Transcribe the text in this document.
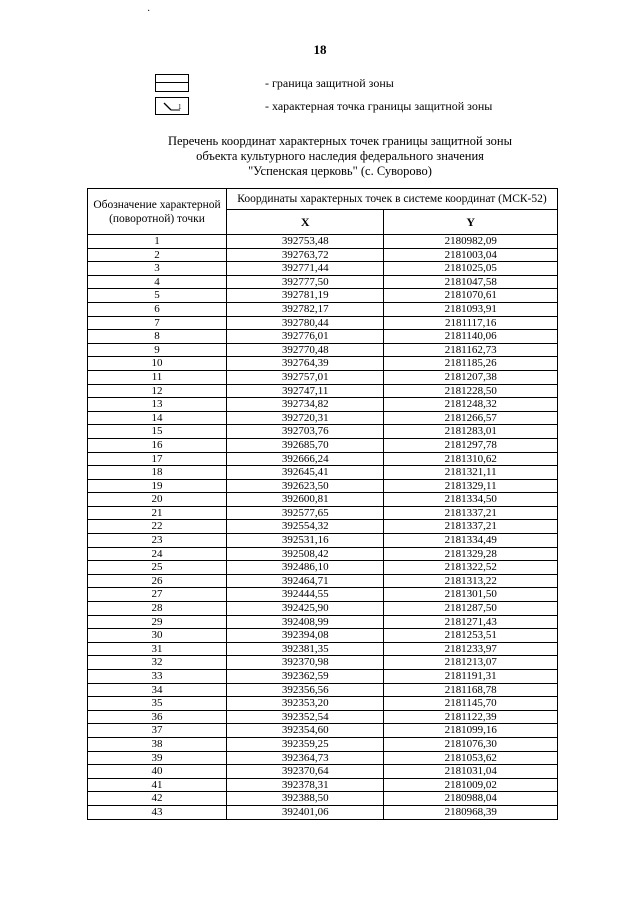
·
18
- граница защитной зоны
1	- характерная точка границы защитной зоны
Перечень координат характерных точек границы защитной зоны
объекта культурного наследия федерального значения
"Успенская церковь" (с. Суворово)
Обозначение характерной (поворотной) точки	Координаты характерных точек в системе координат (МСК-52)	
	X	Y
1	392753,48	2180982,09
2	392763,72	2181003,04
3	392771,44	2181025,05
4	392777,50	2181047,58
5	392781,19	2181070,61
6	392782,17	2181093,91
7	392780,44	2181117,16
8	392776,01	2181140,06
9	392770,48	2181162,73
10	392764,39	2181185,26
11	392757,01	2181207,38
12	392747,11	2181228,50
13	392734,82	2181248,32
14	392720,31	2181266,57
15	392703,76	2181283,01
16	392685,70	2181297,78
17	392666,24	2181310,62
18	392645,41	2181321,11
19	392623,50	2181329,11
20	392600,81	2181334,50
21	392577,65	2181337,21
22	392554,32	2181337,21
23	392531,16	2181334,49
24	392508,42	2181329,28
25	392486,10	2181322,52
26	392464,71	2181313,22
27	392444,55	2181301,50
28	392425,90	2181287,50
29	392408,99	2181271,43
30	392394,08	2181253,51
31	392381,35	2181233,97
32	392370,98	2181213,07
33	392362,59	2181191,31
34	392356,56	2181168,78
35	392353,20	2181145,70
36	392352,54	2181122,39
37	392354,60	2181099,16
38	392359,25	2181076,30
39	392364,73	2181053,62
40	392370,64	2181031,04
41	392378,31	2181009,02
42	392388,50	2180988,04
43	392401,06	2180968,39
